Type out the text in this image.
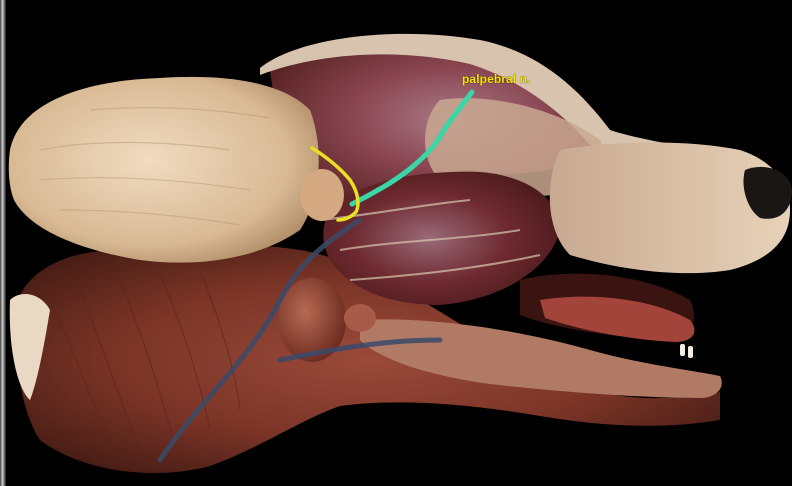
palpebral n.
